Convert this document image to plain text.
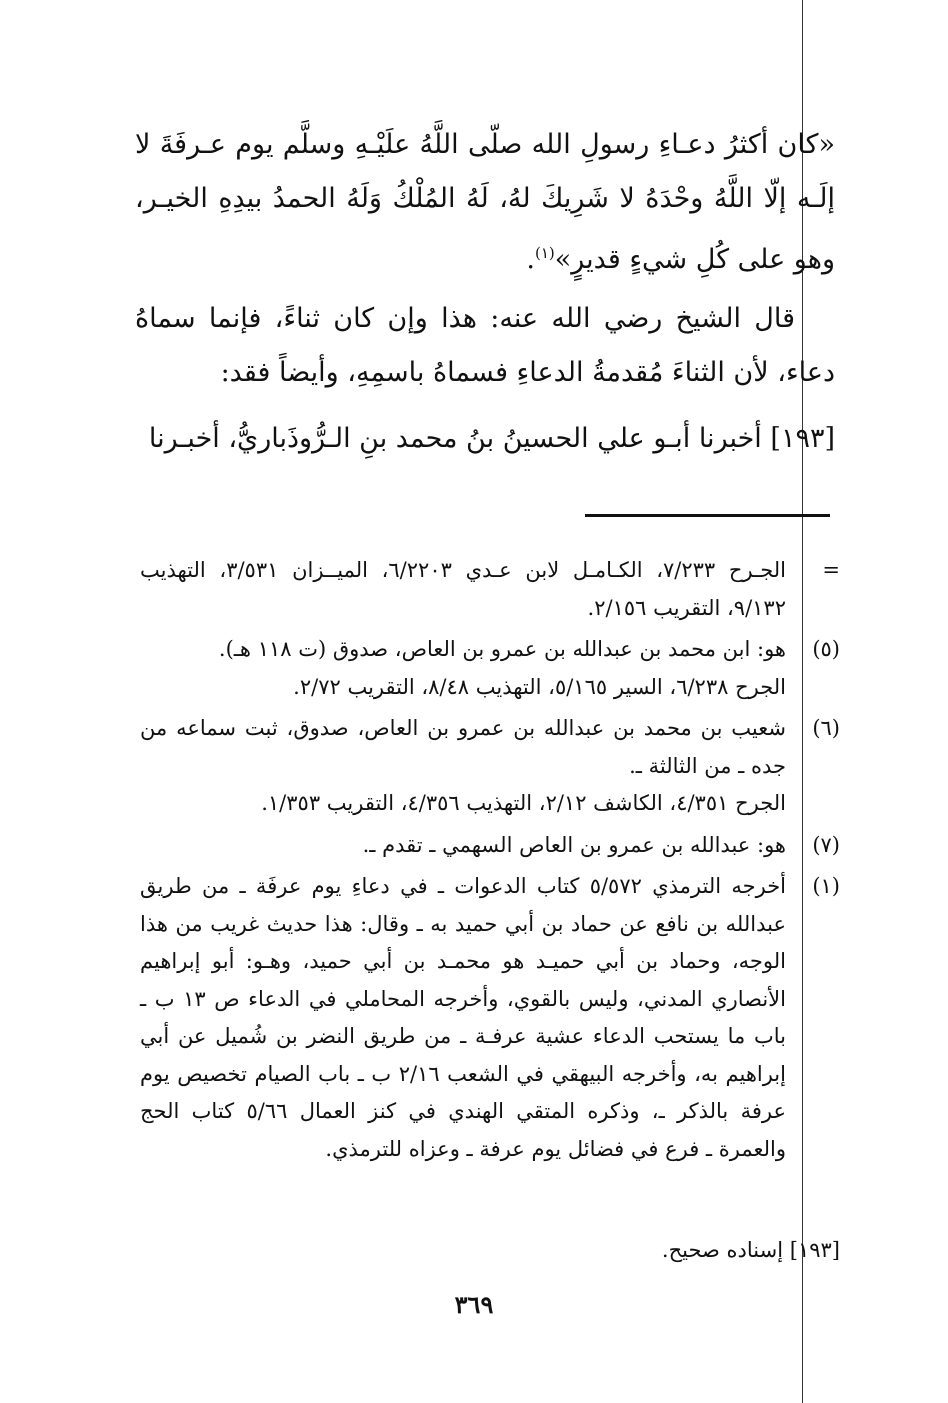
«كان أكثرُ دعـاءِ رسولِ الله صلّى اللَّهُ علَيْـهِ وسلَّم يوم عـرفَةَ لا إلَـه إلّا اللَّهُ وحْدَهُ لا شَرِيكَ لهُ، لَهُ المُلْكُ وَلَهُ الحمدُ بيدِهِ الخيـر، وهو على كُلِ شيءٍ قديرٍ»$^{(١)}$.

قال الشيخ رضي الله عنه: هذا وإن كان ثناءً، فإنما سماهُ دعاء، لأن الثناءَ مُقدمةُ الدعاءِ فسماهُ باسمِهِ، وأيضاً فقد:

[١٩٣] أخبرنا أبـو علي الحسينُ بنُ محمد بنِ الـرُّوذَباريُّ، أخبـرنا

=
الجـرح ٧/٢٣٣، الكـامـل لابن عـدي ٦/٢٢٠٣، الميــزان ٣/٥٣١، التهذيب ٩/١٣٢، التقريب ٢/١٥٦.
(٥)
هو: ابن محمد بن عبدالله بن عمرو بن العاص، صدوق (ت ١١٨ هـ).
الجرح ٦/٢٣٨، السير ٥/١٦٥، التهذيب ٨/٤٨، التقريب ٢/٧٢.
(٦)
شعيب بن محمد بن عبدالله بن عمرو بن العاص، صدوق، ثبت سماعه من جده ـ من الثالثة ـ.
الجرح ٤/٣٥١، الكاشف ٢/١٢، التهذيب ٤/٣٥٦، التقريب ١/٣٥٣.
(٧)
هو: عبدالله بن عمرو بن العاص السهمي ـ تقدم ـ.
(١)
أخرجه الترمذي ٥/٥٧٢ كتاب الدعوات ـ في دعاءِ يوم عرفَة ـ من طريق عبدالله بن نافع عن حماد بن أبي حميد به ـ وقال: هذا حديث غريب من هذا الوجه، وحماد بن أبي حميـد هو محمـد بن أبي حميد، وهـو: أبو إبراهيم الأنصاري المدني، وليس بالقوي، وأخرجه المحاملي في الدعاء ص ١٣ ب ـ باب ما يستحب الدعاء عشية عرفـة ـ من طريق النضر بن شُميل عن أبي إبراهيم به، وأخرجه البيهقي في الشعب ٢/١٦ ب ـ باب الصيام تخصيص يوم عرفة بالذكر ـ، وذكره المتقي الهندي في كنز العمال ٥/٦٦ كتاب الحج والعمرة ـ فرع في فضائل يوم عرفة ـ وعزاه للترمذي.
[١٩٣] إسناده صحيح.
٣٦٩
